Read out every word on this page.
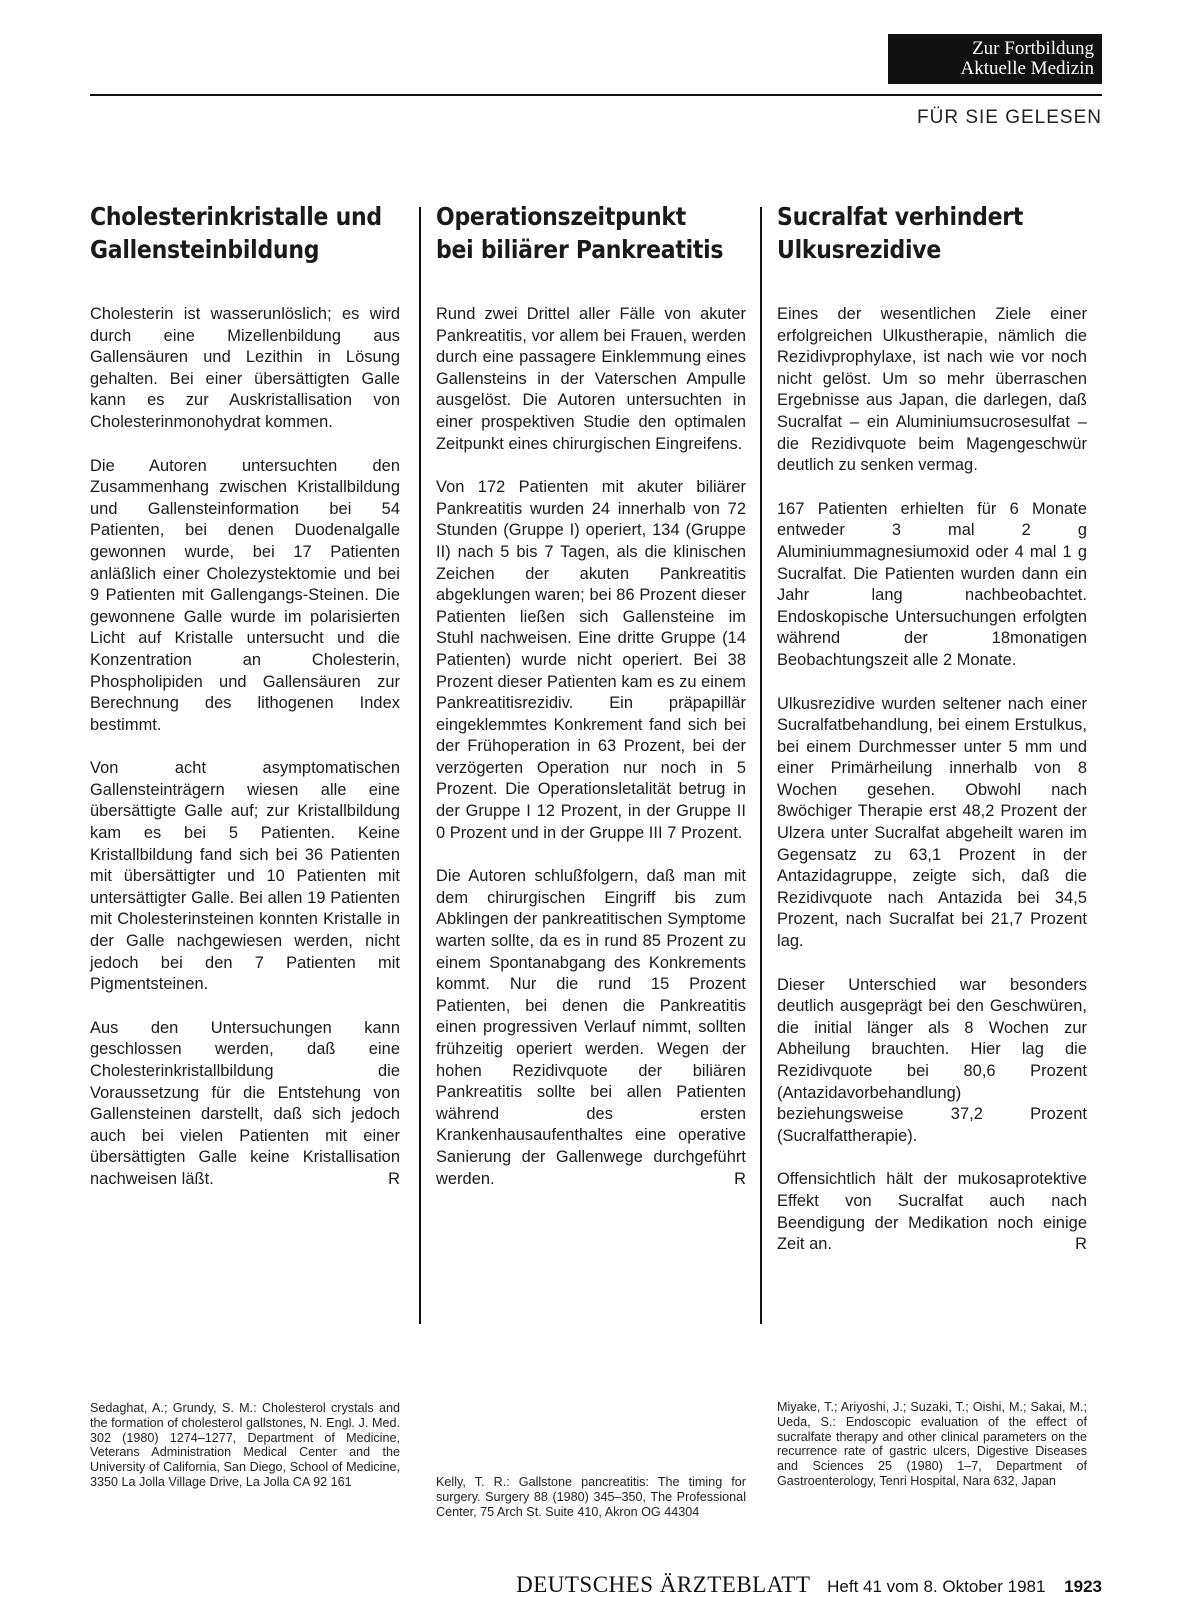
Zur Fortbildung
Aktuelle Medizin
FÜR SIE GELESEN
Cholesterinkristalle und
Gallensteinbildung

Cholesterin ist wasserunlöslich; es wird durch eine Mizellenbildung aus Gallensäuren und Lezithin in Lösung gehalten. Bei einer übersättigten Galle kann es zur Auskristallisation von Cholesterinmonohydrat kommen.

Die Autoren untersuchten den Zusammenhang zwischen Kristallbildung und Gallensteinformation bei 54 Patienten, bei denen Duodenalgalle gewonnen wurde, bei 17 Patienten anläßlich einer Cholezystektomie und bei 9 Patienten mit Gallengangs-Steinen. Die gewonnene Galle wurde im polarisierten Licht auf Kristalle untersucht und die Konzentration an Cholesterin, Phospholipiden und Gallensäuren zur Berechnung des lithogenen Index bestimmt.

Von acht asymptomatischen Gallensteinträgern wiesen alle eine übersättigte Galle auf; zur Kristallbildung kam es bei 5 Patienten. Keine Kristallbildung fand sich bei 36 Patienten mit übersättigter und 10 Patienten mit untersättigter Galle. Bei allen 19 Patienten mit Cholesterinsteinen konnten Kristalle in der Galle nachgewiesen werden, nicht jedoch bei den 7 Patienten mit Pigmentsteinen.

Aus den Untersuchungen kann geschlossen werden, daß eine Cholesterinkristallbildung die Voraussetzung für die Entstehung von Gallensteinen darstellt, daß sich jedoch auch bei vielen Patienten mit einer übersättigten Galle keine Kristallisation nachweisen läßt.	R

Operationszeitpunkt
bei biliärer Pankreatitis

Rund zwei Drittel aller Fälle von akuter Pankreatitis, vor allem bei Frauen, werden durch eine passagere Einklemmung eines Gallensteins in der Vaterschen Ampulle ausgelöst. Die Autoren untersuchten in einer prospektiven Studie den optimalen Zeitpunkt eines chirurgischen Eingreifens.

Von 172 Patienten mit akuter biliärer Pankreatitis wurden 24 innerhalb von 72 Stunden (Gruppe I) operiert, 134 (Gruppe II) nach 5 bis 7 Tagen, als die klinischen Zeichen der akuten Pankreatitis abgeklungen waren; bei 86 Prozent dieser Patienten ließen sich Gallensteine im Stuhl nachweisen. Eine dritte Gruppe (14 Patienten) wurde nicht operiert. Bei 38 Prozent dieser Patienten kam es zu einem Pankreatitisrezidiv. Ein präpapillär eingeklemmtes Konkrement fand sich bei der Frühoperation in 63 Prozent, bei der verzögerten Operation nur noch in 5 Prozent. Die Operationsletalität betrug in der Gruppe I 12 Prozent, in der Gruppe II 0 Prozent und in der Gruppe III 7 Prozent.

Die Autoren schlußfolgern, daß man mit dem chirurgischen Eingriff bis zum Abklingen der pankreatitischen Symptome warten sollte, da es in rund 85 Prozent zu einem Spontanabgang des Konkrements kommt. Nur die rund 15 Prozent Patienten, bei denen die Pankreatitis einen progressiven Verlauf nimmt, sollten frühzeitig operiert werden. Wegen der hohen Rezidivquote der biliären Pankreatitis sollte bei allen Patienten während des ersten Krankenhausaufenthaltes eine operative Sanierung der Gallenwege durchgeführt werden.	R

Sucralfat verhindert
Ulkusrezidive

Eines der wesentlichen Ziele einer erfolgreichen Ulkustherapie, nämlich die Rezidivprophylaxe, ist nach wie vor noch nicht gelöst. Um so mehr überraschen Ergebnisse aus Japan, die darlegen, daß Sucralfat – ein Aluminiumsucrosesulfat – die Rezidivquote beim Magengeschwür deutlich zu senken vermag.

167 Patienten erhielten für 6 Monate entweder 3 mal 2 g Aluminiummagnesiumoxid oder 4 mal 1 g Sucralfat. Die Patienten wurden dann ein Jahr lang nachbeobachtet. Endoskopische Untersuchungen erfolgten während der 18monatigen Beobachtungszeit alle 2 Monate.

Ulkusrezidive wurden seltener nach einer Sucralfatbehandlung, bei einem Erstulkus, bei einem Durchmesser unter 5 mm und einer Primärheilung innerhalb von 8 Wochen gesehen. Obwohl nach 8wöchiger Therapie erst 48,2 Prozent der Ulzera unter Sucralfat abgeheilt waren im Gegensatz zu 63,1 Prozent in der Antazidagruppe, zeigte sich, daß die Rezidivquote nach Antazida bei 34,5 Prozent, nach Sucralfat bei 21,7 Prozent lag.

Dieser Unterschied war besonders deutlich ausgeprägt bei den Geschwüren, die initial länger als 8 Wochen zur Abheilung brauchten. Hier lag die Rezidivquote bei 80,6 Prozent (Antazidavorbehandlung) beziehungsweise 37,2 Prozent (Sucralfattherapie).

Offensichtlich hält der mukosaprotektive Effekt von Sucralfat auch nach Beendigung der Medikation noch einige Zeit an.	R

Sedaghat, A.; Grundy, S. M.: Cholesterol crystals and the formation of cholesterol gallstones, N. Engl. J. Med. 302 (1980) 1274–1277, Department of Medicine, Veterans Administration Medical Center and the University of California, San Diego, School of Medicine, 3350 La Jolla Village Drive, La Jolla CA 92 161	Kelly, T. R.: Gallstone pancreatitis: The timing for surgery. Surgery 88 (1980) 345–350, The Professional Center, 75 Arch St. Suite 410, Akron OG 44304
Miyake, T.; Ariyoshi, J.; Suzaki, T.; Oishi, M.; Sakai, M.; Ueda, S.: Endoscopic evaluation of the effect of sucralfate therapy and other clinical parameters on the recurrence rate of gastric ulcers, Digestive Diseases and Sciences 25 (1980) 1–7, Department of Gastroenterology, Tenri Hospital, Nara 632, Japan
DEUTSCHES ÄRZTEBLATT Heft 41 vom 8. Oktober 1981 1923
